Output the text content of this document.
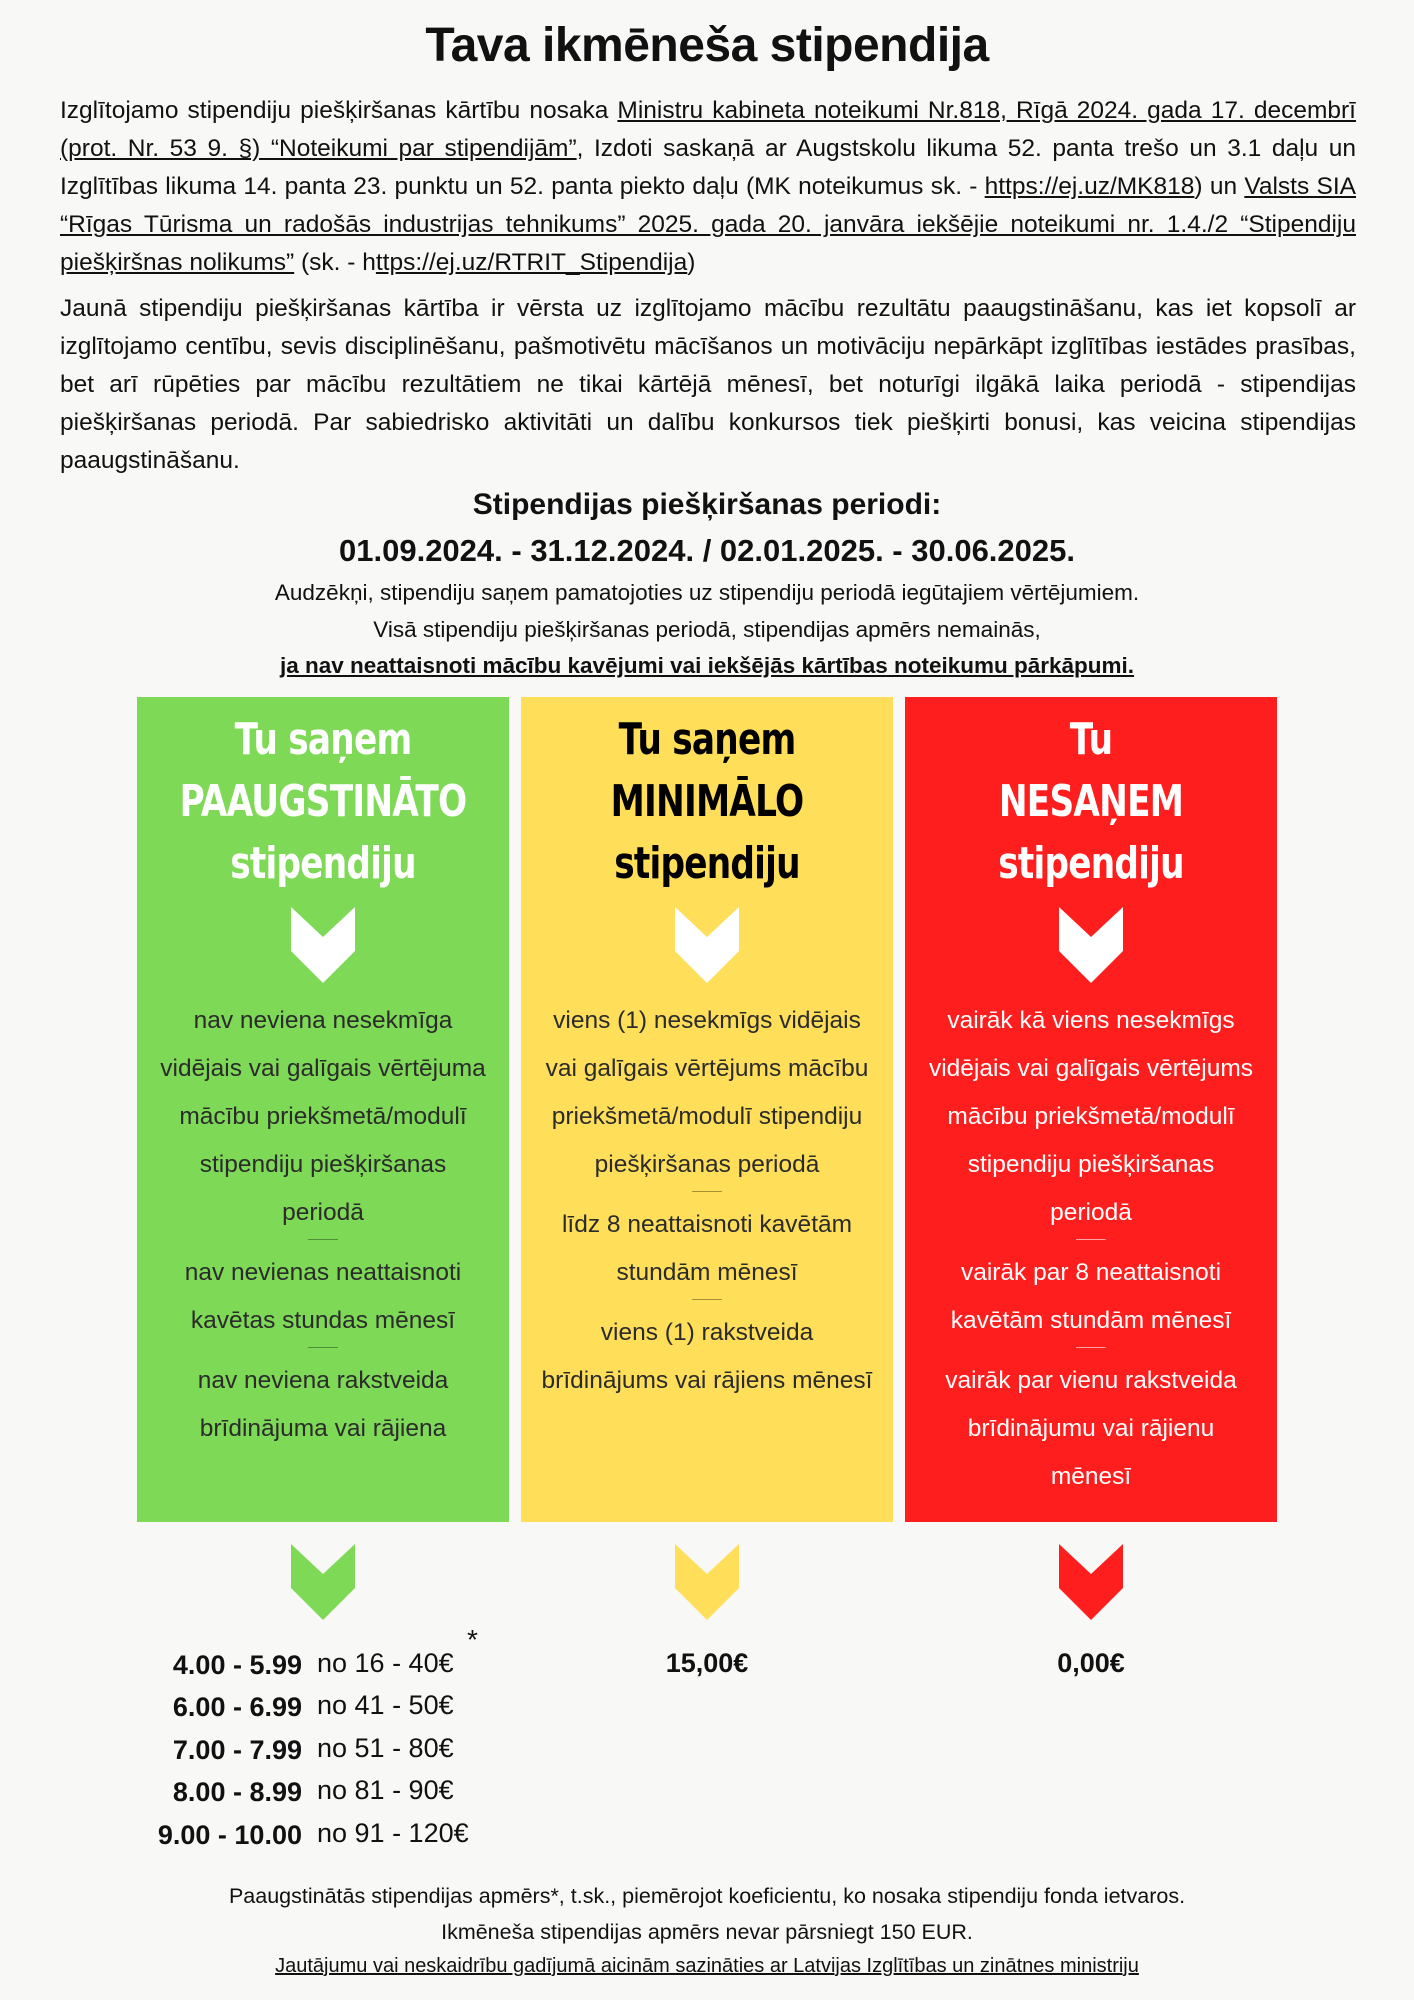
Tava ikmēneša stipendija
Izglītojamo stipendiju piešķiršanas kārtību nosaka Ministru kabineta noteikumi Nr.818, Rīgā 2024. gada 17. decembrī (prot. Nr. 53 9. §) “Noteikumi par stipendijām”, Izdoti saskaņā ar Augstskolu likuma 52. panta trešo un 3.1 daļu un Izglītības likuma 14. panta 23. punktu un 52. panta piekto daļu (MK noteikumus sk. - https://ej.uz/MK818) un Valsts SIA “Rīgas Tūrisma un radošās industrijas tehnikums” 2025. gada 20. janvāra iekšējie noteikumi nr. 1.4./2 “Stipendiju piešķiršnas nolikums” (sk. - https://ej.uz/RTRIT_Stipendija)
Jaunā stipendiju piešķiršanas kārtība ir vērsta uz izglītojamo mācību rezultātu paaugstināšanu, kas iet kopsolī ar izglītojamo centību, sevis disciplinēšanu, pašmotivētu mācīšanos un motivāciju nepārkāpt izglītības iestādes prasības, bet arī rūpēties par mācību rezultātiem ne tikai kārtējā mēnesī, bet noturīgi ilgākā laika periodā - stipendijas piešķiršanas periodā. Par sabiedrisko aktivitāti un dalību konkursos tiek piešķirti bonusi, kas veicina stipendijas paaugstināšanu.
Stipendijas piešķiršanas periodi:
01.09.2024. - 31.12.2024. / 02.01.2025. - 30.06.2025.
Audzēkņi, stipendiju saņem pamatojoties uz stipendiju periodā iegūtajiem vērtējumiem.
Visā stipendiju piešķiršanas periodā, stipendijas apmērs nemainās,
ja nav neattaisnoti mācību kavējumi vai iekšējās kārtības noteikumu pārkāpumi.
Tu saņem
PAAUGSTINĀTO
stipendiju
nav neviena nesekmīga vidējais vai galīgais vērtējuma mācību priekšmetā/modulī stipendiju piešķiršanas periodā
nav nevienas neattaisnoti kavētas stundas mēnesī
nav neviena rakstveida brīdinājuma vai rājiena
Tu saņem
MINIMĀLO
stipendiju
viens (1) nesekmīgs vidējais vai galīgais vērtējums mācību priekšmetā/modulī stipendiju piešķiršanas periodā
līdz 8 neattaisnoti kavētām stundām mēnesī
viens (1) rakstveida brīdinājums vai rājiens mēnesī
Tu
NESAŅEM
stipendiju
vairāk kā viens nesekmīgs vidējais vai galīgais vērtējums mācību priekšmetā/modulī stipendiju piešķiršanas periodā
vairāk par 8 neattaisnoti kavētām stundām mēnesī
vairāk par vienu rakstveida brīdinājumu vai rājienu mēnesī
4.00 - 5.99 no 16 - 40€
6.00 - 6.99 no 41 - 50€
7.00 - 7.99 no 51 - 80€
8.00 - 8.99 no 81 - 90€
9.00 - 10.00 no 91 - 120€
*
15,00€	0,00€
Paaugstinātās stipendijas apmērs*, t.sk., piemērojot koeficientu, ko nosaka stipendiju fonda ietvaros.
Ikmēneša stipendijas apmērs nevar pārsniegt 150 EUR.
Jautājumu vai neskaidrību gadījumā aicinām sazināties ar Latvijas Izglītības un zinātnes ministriju
